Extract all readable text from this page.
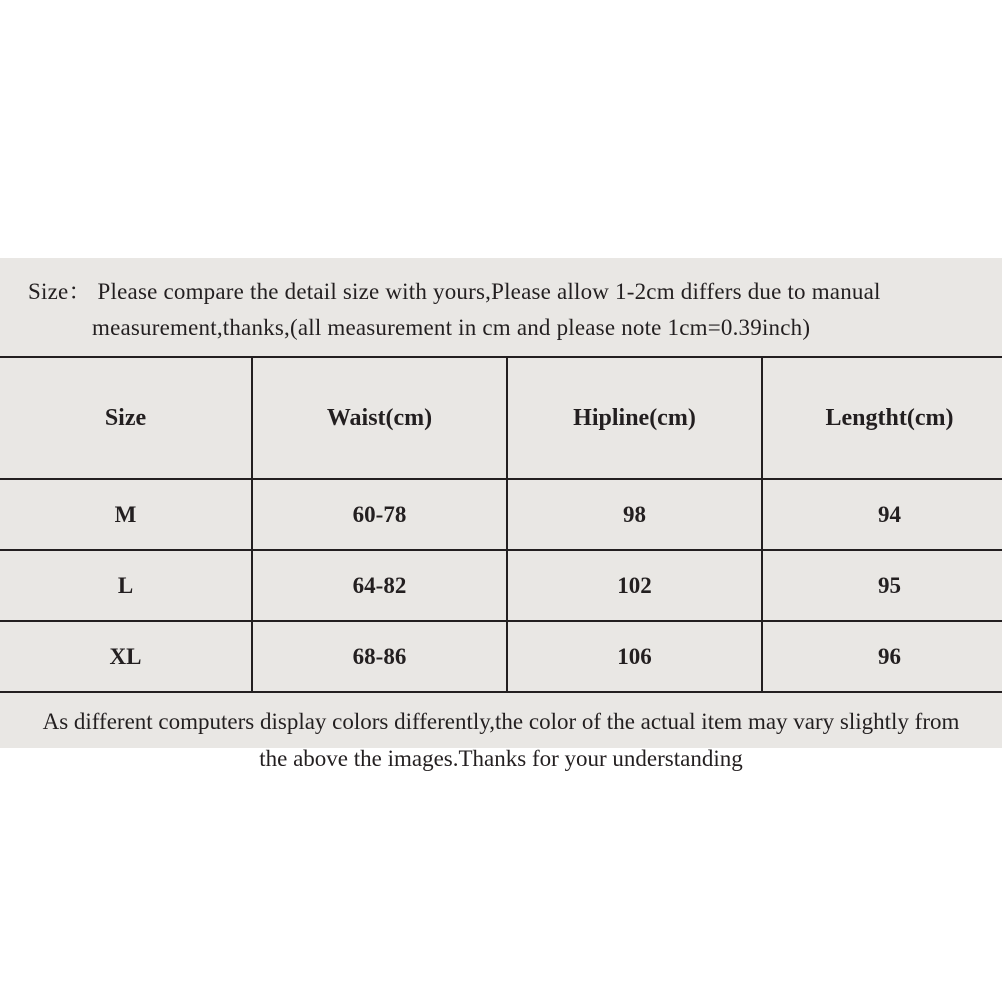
Size： Please compare the detail size with yours,Please allow 1-2cm differs due to manual
measurement,thanks,(all measurement in cm and please note 1cm=0.39inch)
Size	Waist(cm)	Hipline(cm)	Lengtht(cm)
M	60-78	98	94
L	64-82	102	95
XL	68-86	106	96
As different computers display colors differently,the color of the actual item may vary slightly from
the above the images.Thanks for your understanding
